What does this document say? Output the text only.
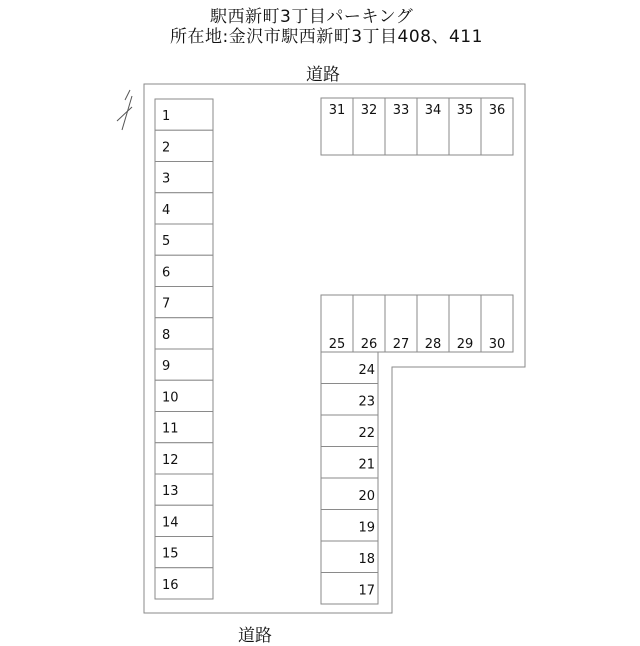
駅西新町3丁目パーキング
所在地:金沢市駅西新町3丁目408、411
道路
道路
1
2
3
4
5
6
7
8
9
10
11
12
13
14
15
16
31 32 33 34 35 36
25 26 27 28 29 30
24
23
22
21
20
19
18
17
